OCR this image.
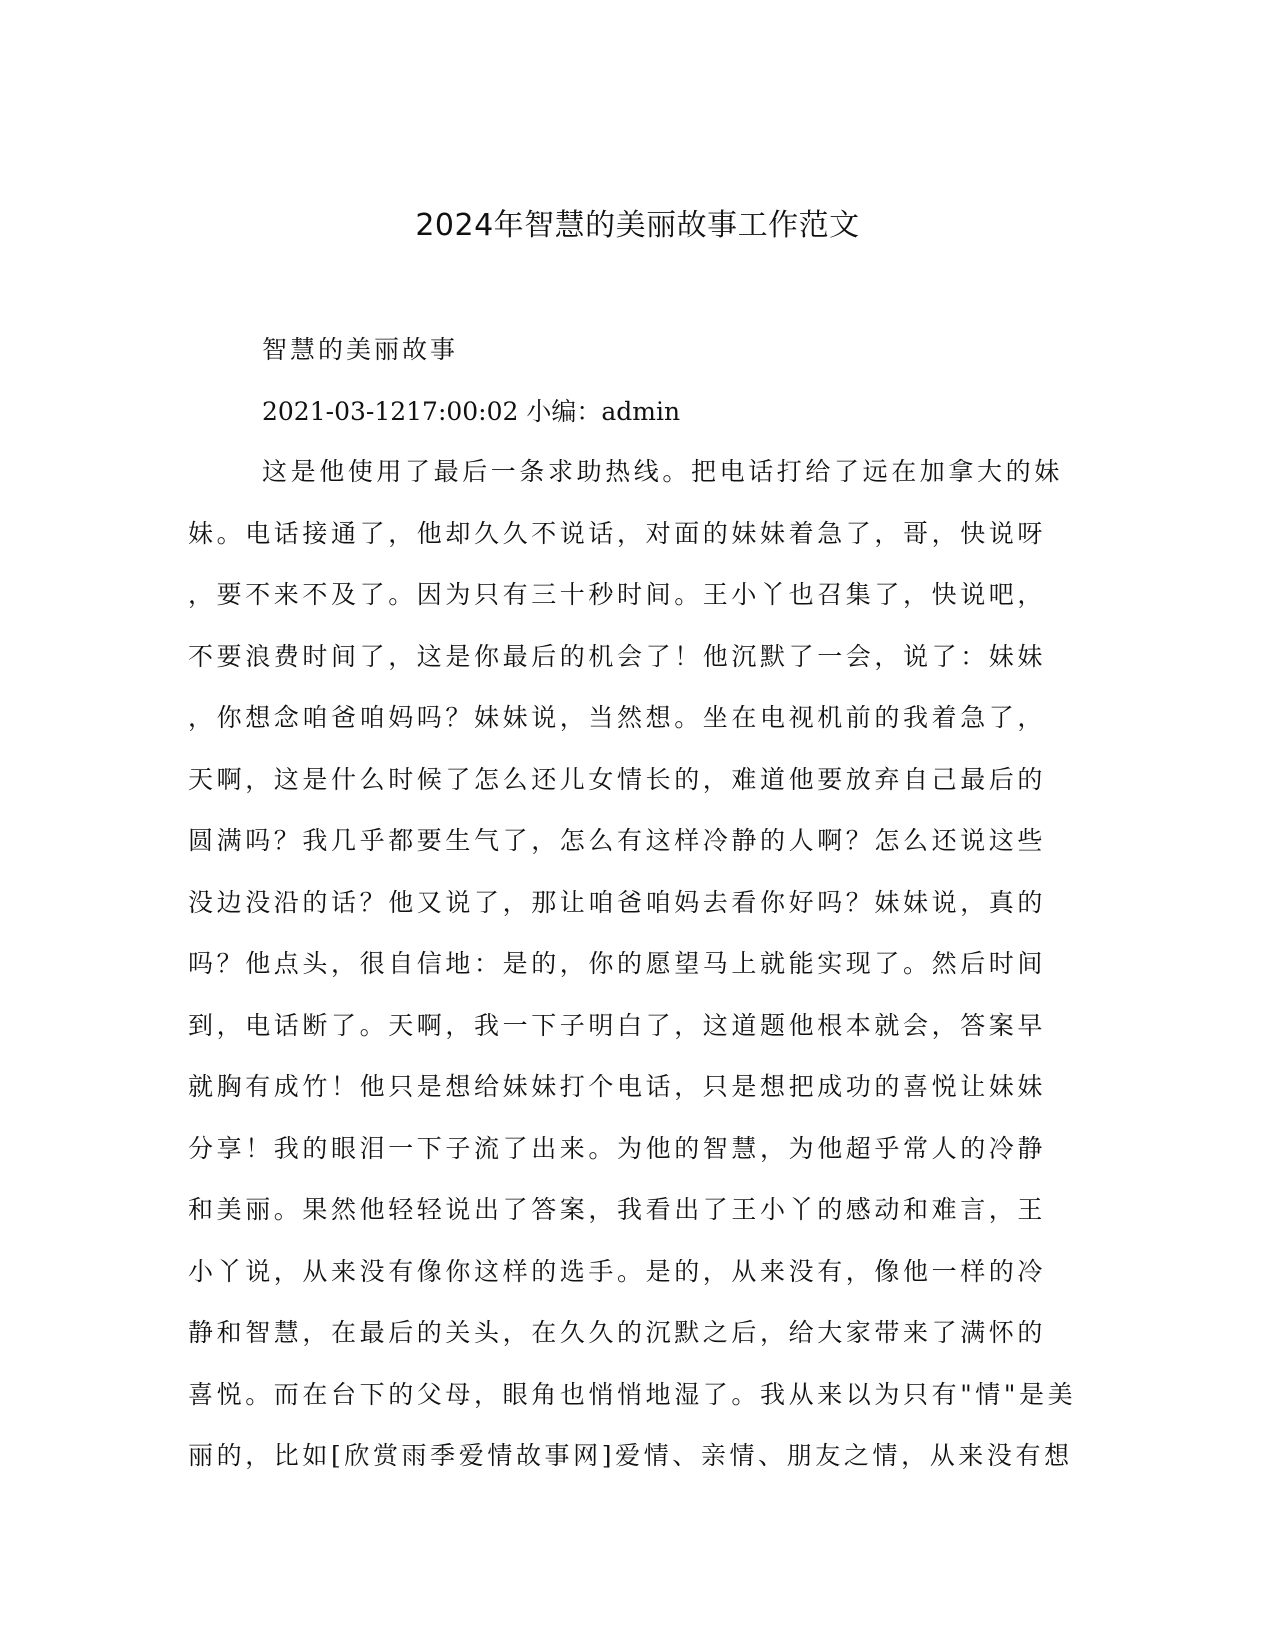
2024年智慧的美丽故事工作范文
智慧的美丽故事
2021-03-1217:00:02 小编：admin
这是他使用了最后一条求助热线。把电话打给了远在加拿大的妹
妹。电话接通了，他却久久不说话，对面的妹妹着急了，哥，快说呀
，要不来不及了。因为只有三十秒时间。王小丫也召集了，快说吧，
不要浪费时间了，这是你最后的机会了！他沉默了一会，说了：妹妹
，你想念咱爸咱妈吗？妹妹说，当然想。坐在电视机前的我着急了，
天啊，这是什么时候了怎么还儿女情长的，难道他要放弃自己最后的
圆满吗？我几乎都要生气了，怎么有这样冷静的人啊？怎么还说这些
没边没沿的话？他又说了，那让咱爸咱妈去看你好吗？妹妹说，真的
吗？他点头，很自信地：是的，你的愿望马上就能实现了。然后时间
到，电话断了。天啊，我一下子明白了，这道题他根本就会，答案早
就胸有成竹！他只是想给妹妹打个电话，只是想把成功的喜悦让妹妹
分享！我的眼泪一下子流了出来。为他的智慧，为他超乎常人的冷静
和美丽。果然他轻轻说出了答案，我看出了王小丫的感动和难言，王
小丫说，从来没有像你这样的选手。是的，从来没有，像他一样的冷
静和智慧，在最后的关头，在久久的沉默之后，给大家带来了满怀的
喜悦。而在台下的父母，眼角也悄悄地湿了。我从来以为只有"情"是美
丽的，比如[欣赏雨季爱情故事网]爱情、亲情、朋友之情，从来没有想
